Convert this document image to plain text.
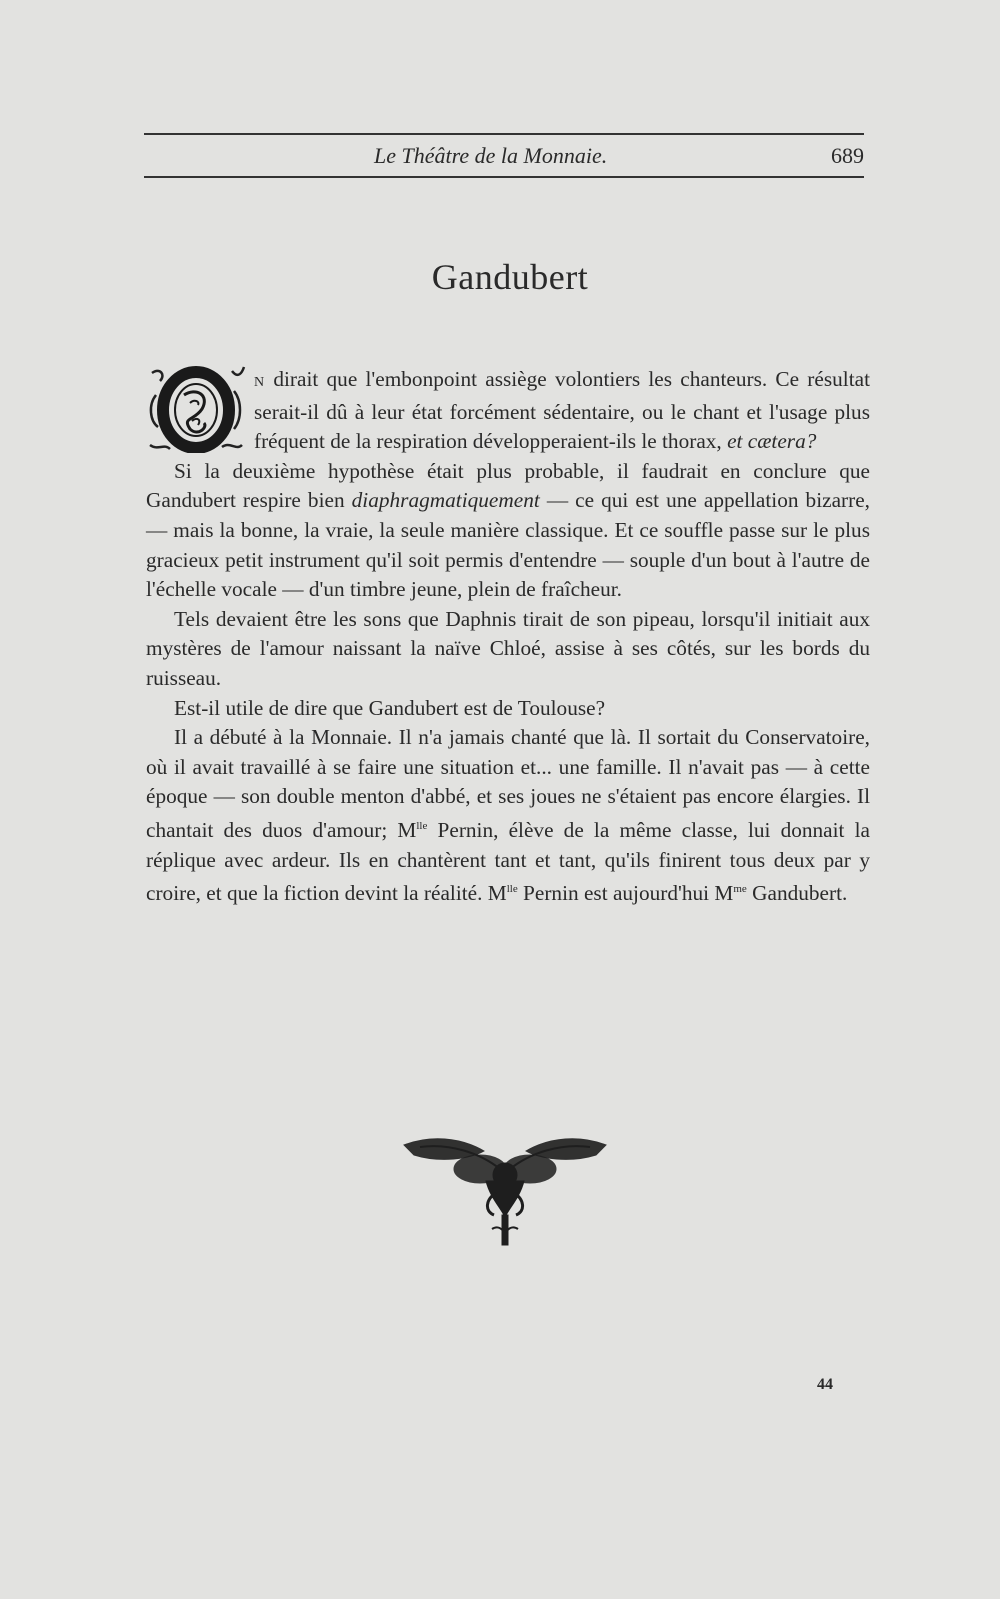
Le Théâtre de la Monnaie.	689
Gandubert

N dirait que l'embonpoint assiège volontiers les chanteurs. Ce résultat serait-il dû à leur état forcément sédentaire, ou le chant et l'usage plus fréquent de la respiration développeraient-ils le thorax, et cætera?

Si la deuxième hypothèse était plus probable, il faudrait en conclure que Gandubert respire bien diaphragmatiquement — ce qui est une appellation bizarre, — mais la bonne, la vraie, la seule manière classique. Et ce souffle passe sur le plus gracieux petit instrument qu'il soit permis d'entendre — souple d'un bout à l'autre de l'échelle vocale — d'un timbre jeune, plein de fraîcheur.

Tels devaient être les sons que Daphnis tirait de son pipeau, lorsqu'il initiait aux mystères de l'amour naissant la naïve Chloé, assise à ses côtés, sur les bords du ruisseau.

Est-il utile de dire que Gandubert est de Toulouse?

Il a débuté à la Monnaie. Il n'a jamais chanté que là. Il sortait du Conservatoire, où il avait travaillé à se faire une situation et... une famille. Il n'avait pas — à cette époque — son double menton d'abbé, et ses joues ne s'étaient pas encore élargies. Il chantait des duos d'amour; $M^{lle}$ Pernin, élève de la même classe, lui donnait la réplique avec ardeur. Ils en chantèrent tant et tant, qu'ils finirent tous deux par y croire, et que la fiction devint la réalité. $M^{lle}$ Pernin est aujourd'hui $M^{me}$ Gandubert.

44
